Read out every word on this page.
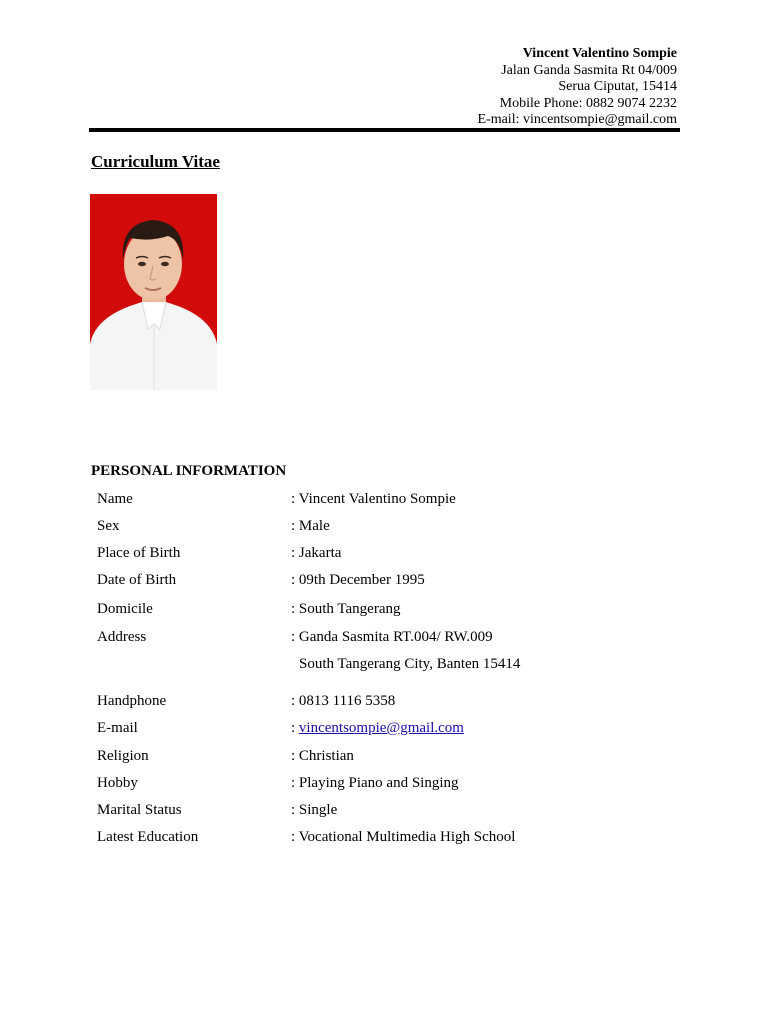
Vincent Valentino Sompie
Jalan Ganda Sasmita Rt 04/009
Serua Ciputat, 15414
Mobile Phone: 0882 9074 2232
E-mail: vincentsompie@gmail.com
Curriculum Vitae
PERSONAL INFORMATION
Name	: Vincent Valentino Sompie
Sex	: Male
Place of Birth	: Jakarta
Date of Birth	: 09th December 1995
Domicile	: South Tangerang
Address	: Ganda Sasmita RT.004/ RW.009
South Tangerang City, Banten 15414
Handphone	: 0813 1116 5358
E-mail	: vincentsompie@gmail.com
Religion	: Christian
Hobby	: Playing Piano and Singing
Marital Status	: Single
Latest Education	: Vocational Multimedia High School
